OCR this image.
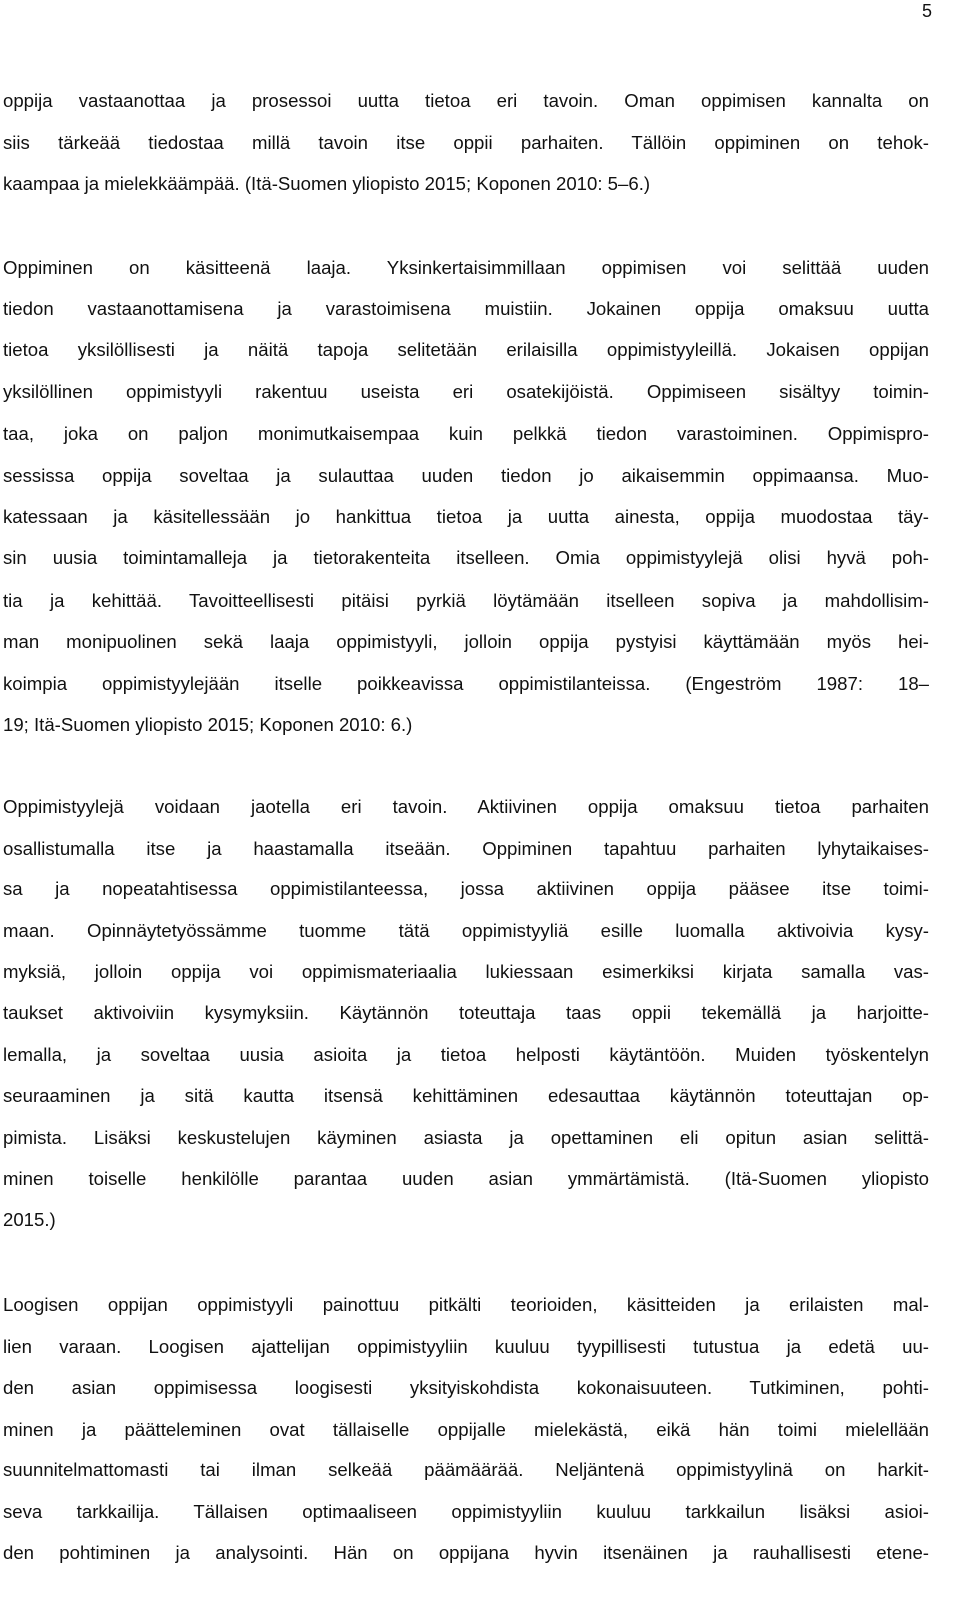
5
oppija vastaanottaa ja prosessoi uutta tietoa eri tavoin. Oman oppimisen kannalta on
siis tärkeää tiedostaa millä tavoin itse oppii parhaiten. Tällöin oppiminen on tehok-
kaampaa ja mielekkäämpää. (Itä-Suomen yliopisto 2015; Koponen 2010: 5–6.)
Oppiminen on käsitteenä laaja. Yksinkertaisimmillaan oppimisen voi selittää uuden
tiedon vastaanottamisena ja varastoimisena muistiin. Jokainen oppija omaksuu uutta
tietoa yksilöllisesti ja näitä tapoja selitetään erilaisilla oppimistyyleillä. Jokaisen oppijan
yksilöllinen oppimistyyli rakentuu useista eri osatekijöistä. Oppimiseen sisältyy toimin-
taa, joka on paljon monimutkaisempaa kuin pelkkä tiedon varastoiminen. Oppimispro-
sessissa oppija soveltaa ja sulauttaa uuden tiedon jo aikaisemmin oppimaansa. Muo-
katessaan ja käsitellessään jo hankittua tietoa ja uutta ainesta, oppija muodostaa täy-
sin uusia toimintamalleja ja tietorakenteita itselleen. Omia oppimistyylejä olisi hyvä poh-
tia ja kehittää. Tavoitteellisesti pitäisi pyrkiä löytämään itselleen sopiva ja mahdollisim-
man monipuolinen sekä laaja oppimistyyli, jolloin oppija pystyisi käyttämään myös hei-
koimpia oppimistyylejään itselle poikkeavissa oppimistilanteissa. (Engeström 1987: 18–
19; Itä-Suomen yliopisto 2015; Koponen 2010: 6.)
Oppimistyylejä voidaan jaotella eri tavoin. Aktiivinen oppija omaksuu tietoa parhaiten
osallistumalla itse ja haastamalla itseään. Oppiminen tapahtuu parhaiten lyhytaikaises-
sa ja nopeatahtisessa oppimistilanteessa, jossa aktiivinen oppija pääsee itse toimi-
maan. Opinnäytetyössämme tuomme tätä oppimistyyliä esille luomalla aktivoivia kysy-
myksiä, jolloin oppija voi oppimismateriaalia lukiessaan esimerkiksi kirjata samalla vas-
taukset aktivoiviin kysymyksiin. Käytännön toteuttaja taas oppii tekemällä ja harjoitte-
lemalla, ja soveltaa uusia asioita ja tietoa helposti käytäntöön. Muiden työskentelyn
seuraaminen ja sitä kautta itsensä kehittäminen edesauttaa käytännön toteuttajan op-
pimista. Lisäksi keskustelujen käyminen asiasta ja opettaminen eli opitun asian selittä-
minen toiselle henkilölle parantaa uuden asian ymmärtämistä. (Itä-Suomen yliopisto
2015.)
Loogisen oppijan oppimistyyli painottuu pitkälti teorioiden, käsitteiden ja erilaisten mal-
lien varaan. Loogisen ajattelijan oppimistyyliin kuuluu tyypillisesti tutustua ja edetä uu-
den asian oppimisessa loogisesti yksityiskohdista kokonaisuuteen. Tutkiminen, pohti-
minen ja päätteleminen ovat tällaiselle oppijalle mielekästä, eikä hän toimi mielellään
suunnitelmattomasti tai ilman selkeää päämäärää. Neljäntenä oppimistyylinä on harkit-
seva tarkkailija. Tällaisen optimaaliseen oppimistyyliin kuuluu tarkkailun lisäksi asioi-
den pohtiminen ja analysointi. Hän on oppijana hyvin itsenäinen ja rauhallisesti etene-
